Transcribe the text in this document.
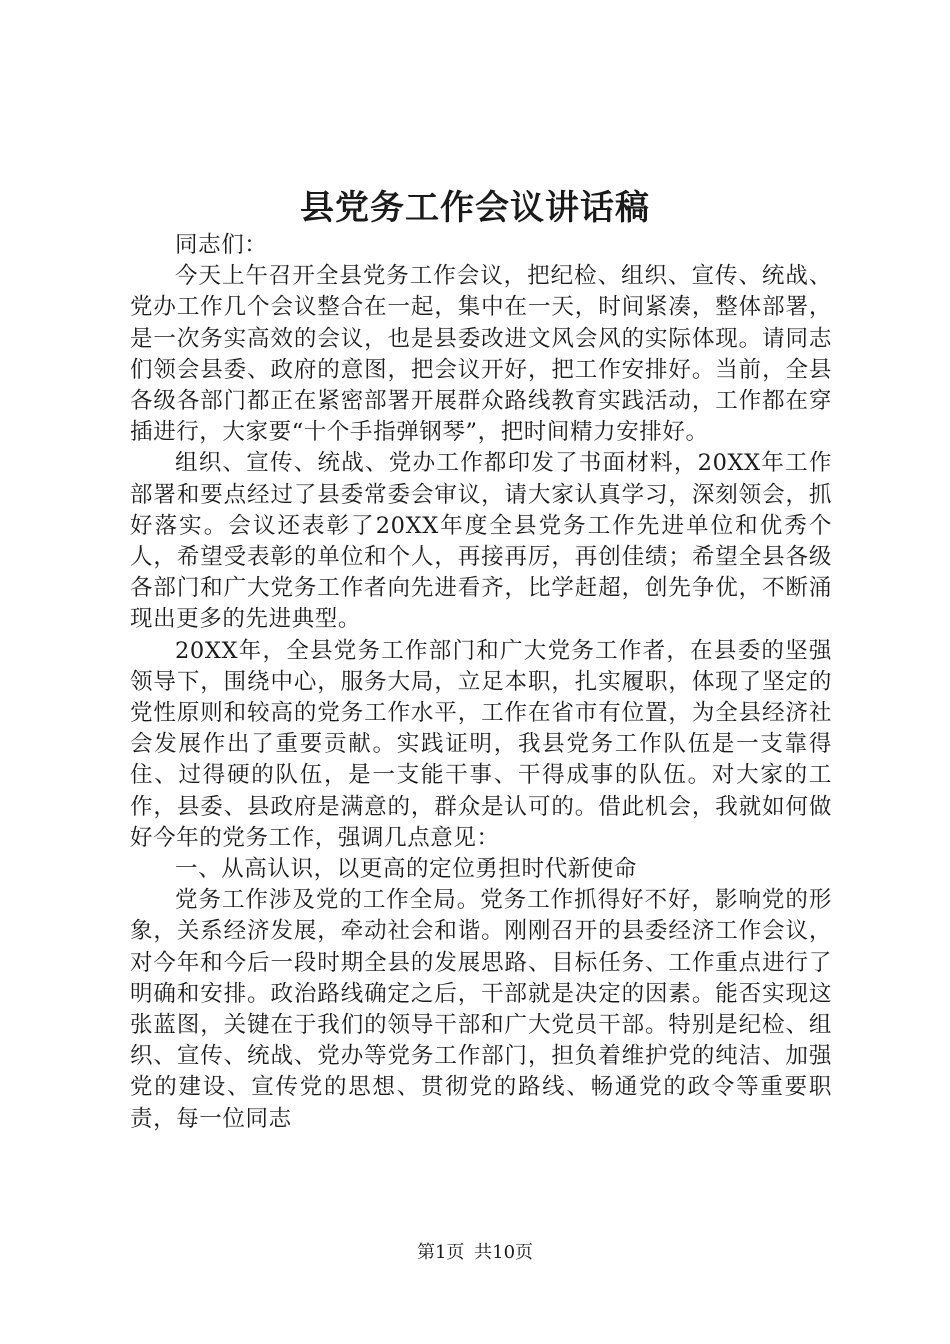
县党务工作会议讲话稿

同志们：

今天上午召开全县党务工作会议，把纪检、组织、宣传、统战、党办工作几个会议整合在一起，集中在一天，时间紧凑，整体部署，是一次务实高效的会议，也是县委改进文风会风的实际体现。请同志们领会县委、政府的意图，把会议开好，把工作安排好。当前，全县各级各部门都正在紧密部署开展群众路线教育实践活动，工作都在穿插进行，大家要“十个手指弹钢琴”，把时间精力安排好。

组织、宣传、统战、党办工作都印发了书面材料，20XX年工作部署和要点经过了县委常委会审议，请大家认真学习，深刻领会，抓好落实。会议还表彰了20XX年度全县党务工作先进单位和优秀个人，希望受表彰的单位和个人，再接再厉，再创佳绩；希望全县各级各部门和广大党务工作者向先进看齐，比学赶超，创先争优，不断涌现出更多的先进典型。

20XX年，全县党务工作部门和广大党务工作者，在县委的坚强领导下，围绕中心，服务大局，立足本职，扎实履职，体现了坚定的党性原则和较高的党务工作水平，工作在省市有位置，为全县经济社会发展作出了重要贡献。实践证明，我县党务工作队伍是一支靠得住、过得硬的队伍，是一支能干事、干得成事的队伍。对大家的工作，县委、县政府是满意的，群众是认可的。借此机会，我就如何做好今年的党务工作，强调几点意见：

一、从高认识，以更高的定位勇担时代新使命

党务工作涉及党的工作全局。党务工作抓得好不好，影响党的形象，关系经济发展，牵动社会和谐。刚刚召开的县委经济工作会议，对今年和今后一段时期全县的发展思路、目标任务、工作重点进行了明确和安排。政治路线确定之后，干部就是决定的因素。能否实现这张蓝图，关键在于我们的领导干部和广大党员干部。特别是纪检、组织、宣传、统战、党办等党务工作部门，担负着维护党的纯洁、加强党的建设、宣传党的思想、贯彻党的路线、畅通党的政令等重要职责，每一位同志

第1页 共10页
